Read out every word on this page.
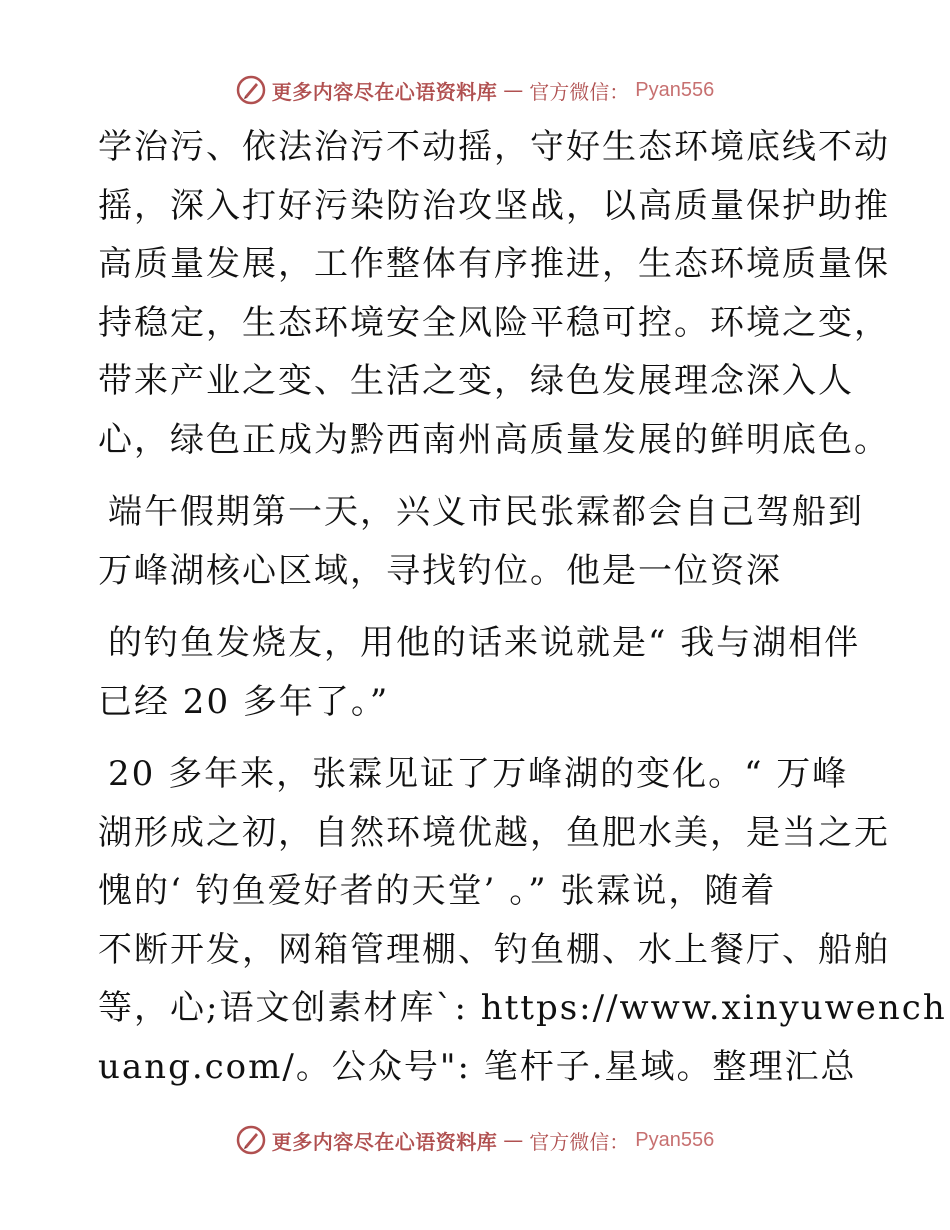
更多内容尽在心语资料库 — 官方微信： Pyan556
学治污、依法治污不动摇，守好生态环境底线不动
摇，深入打好污染防治攻坚战，以高质量保护助推
高质量发展，工作整体有序推进，生态环境质量保
持稳定，生态环境安全风险平稳可控。环境之变，
带来产业之变、生活之变，绿色发展理念深入人
心，绿色正成为黔西南州高质量发展的鲜明底色。
端午假期第一天，兴义市民张霖都会自己驾船到
万峰湖核心区域，寻找钓位。他是一位资深
的钓鱼发烧友，用他的话来说就是“ 我与湖相伴
已经 20 多年了。”
20 多年来，张霖见证了万峰湖的变化。“ 万峰
湖形成之初，自然环境优越，鱼肥水美，是当之无
愧的‘ 钓鱼爱好者的天堂’ 。” 张霖说，随着
不断开发，网箱管理棚、钓鱼棚、水上餐厅、船舶
等，心;语文创素材库`: https://www.xinyuwench
uang.com/。公众号": 笔杆子.星域。整理汇总
更多内容尽在心语资料库 — 官方微信： Pyan556
